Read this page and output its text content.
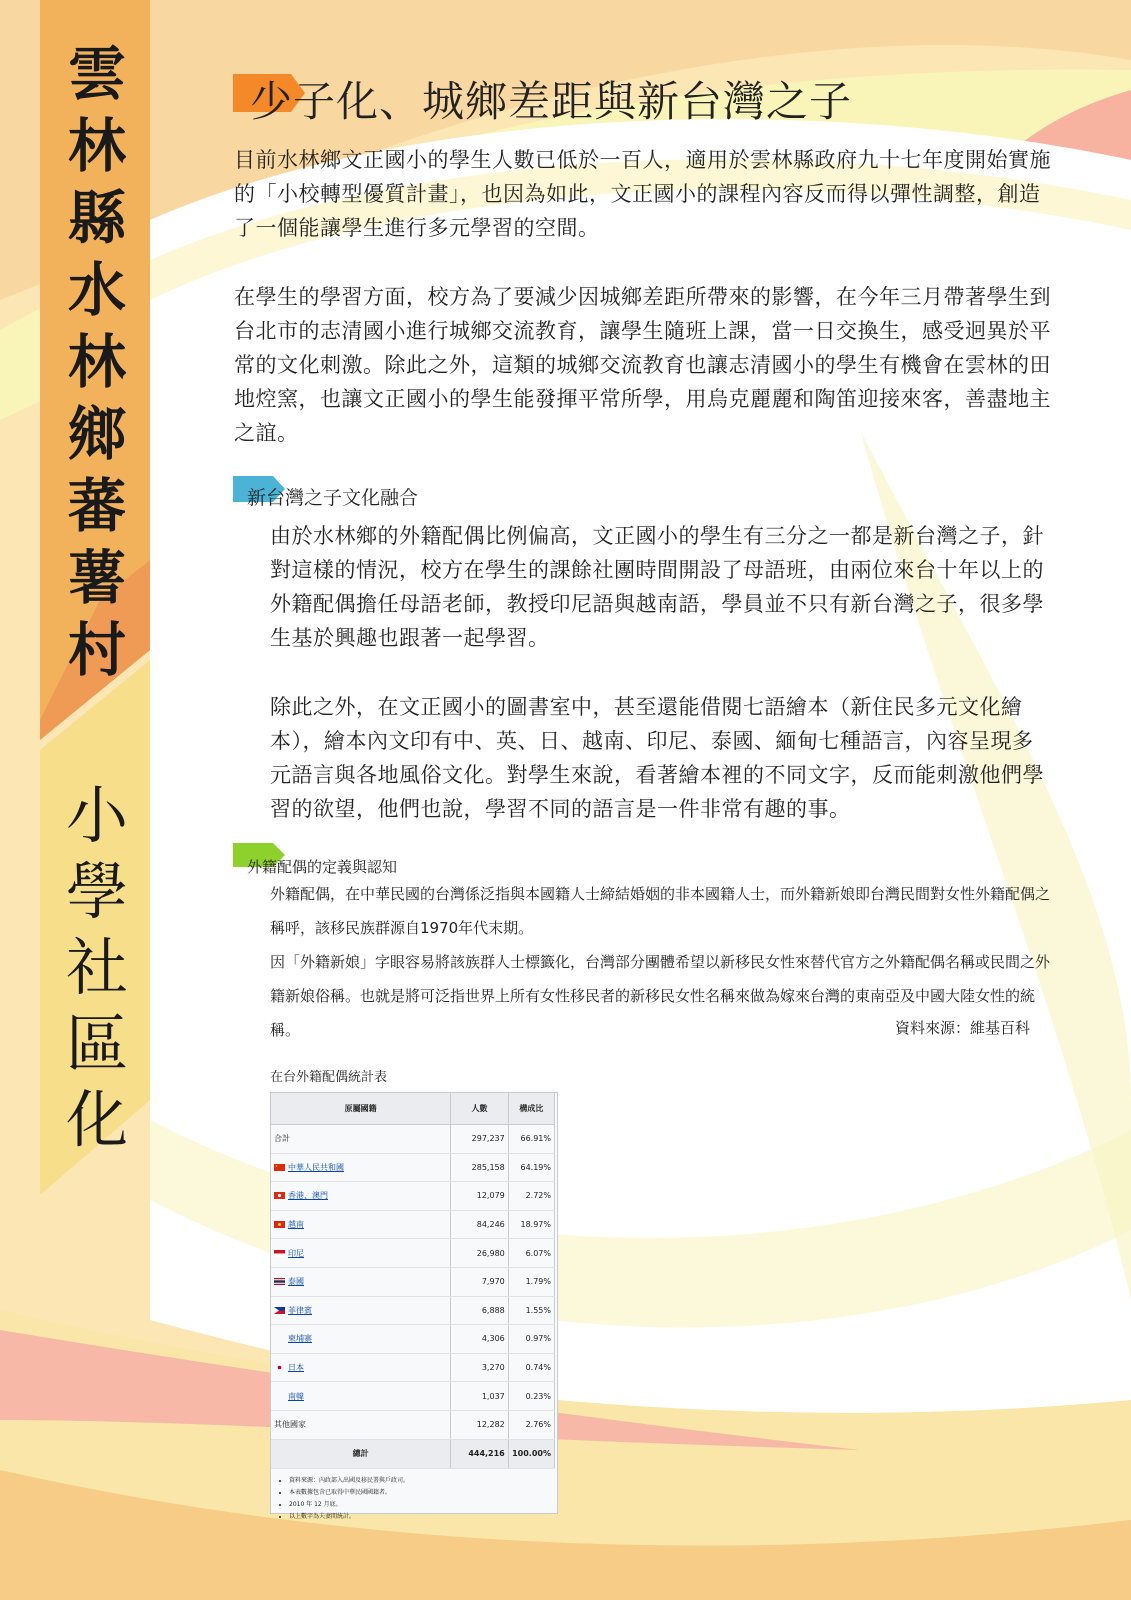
雲林縣水林鄉蕃薯村
小學社區化
少子化、城鄉差距與新台灣之子

目前水林鄉文正國小的學生人數已低於一百人，適用於雲林縣政府九十七年度開始實施的「小校轉型優質計畫」，也因為如此，文正國小的課程內容反而得以彈性調整，創造了一個能讓學生進行多元學習的空間。

在學生的學習方面，校方為了要減少因城鄉差距所帶來的影響，在今年三月帶著學生到台北市的志清國小進行城鄉交流教育，讓學生隨班上課，當一日交換生，感受迥異於平常的文化刺激。除此之外，這類的城鄉交流教育也讓志清國小的學生有機會在雲林的田地焢窯，也讓文正國小的學生能發揮平常所學，用烏克麗麗和陶笛迎接來客，善盡地主之誼。

新台灣之子文化融合

由於水林鄉的外籍配偶比例偏高，文正國小的學生有三分之一都是新台灣之子，針對這樣的情況，校方在學生的課餘社團時間開設了母語班，由兩位來台十年以上的外籍配偶擔任母語老師，教授印尼語與越南語，學員並不只有新台灣之子，很多學生基於興趣也跟著一起學習。

除此之外，在文正國小的圖書室中，甚至還能借閱七語繪本（新住民多元文化繪本），繪本內文印有中、英、日、越南、印尼、泰國、緬甸七種語言，內容呈現多元語言與各地風俗文化。對學生來說，看著繪本裡的不同文字，反而能刺激他們學習的欲望，他們也說，學習不同的語言是一件非常有趣的事。

外籍配偶的定義與認知

外籍配偶，在中華民國的台灣係泛指與本國籍人士締結婚姻的非本國籍人士，而外籍新娘即台灣民間對女性外籍配偶之稱呼，該移民族群源自1970年代末期。

因「外籍新娘」字眼容易將該族群人士標籤化，台灣部分團體希望以新移民女性來替代官方之外籍配偶名稱或民間之外籍新娘俗稱。也就是將可泛指世界上所有女性移民者的新移民女性名稱來做為嫁來台灣的東南亞及中國大陸女性的統稱。	資料來源：維基百科
在台外籍配偶統計表
原屬國籍	人數	構成比
合計	297,237	66.91%
中華人民共和國	285,158	64.19%
香港、澳門	12,079	2.72%
越南	84,246	18.97%
印尼	26,980	6.07%
泰國	7,970	1.79%
菲律賓	6,888	1.55%
柬埔寨	4,306	0.97%
日本	3,270	0.74%
南韓	1,037	0.23%
其他國家	12,282	2.76%
總計	444,216	100.00%
• 資料來源：內政部入出國及移民署與戶政司。
• 本表數據包含已取得中華民國國籍者。
• 2010 年 12 月底。
• 以上數字為夫妻間統計。
